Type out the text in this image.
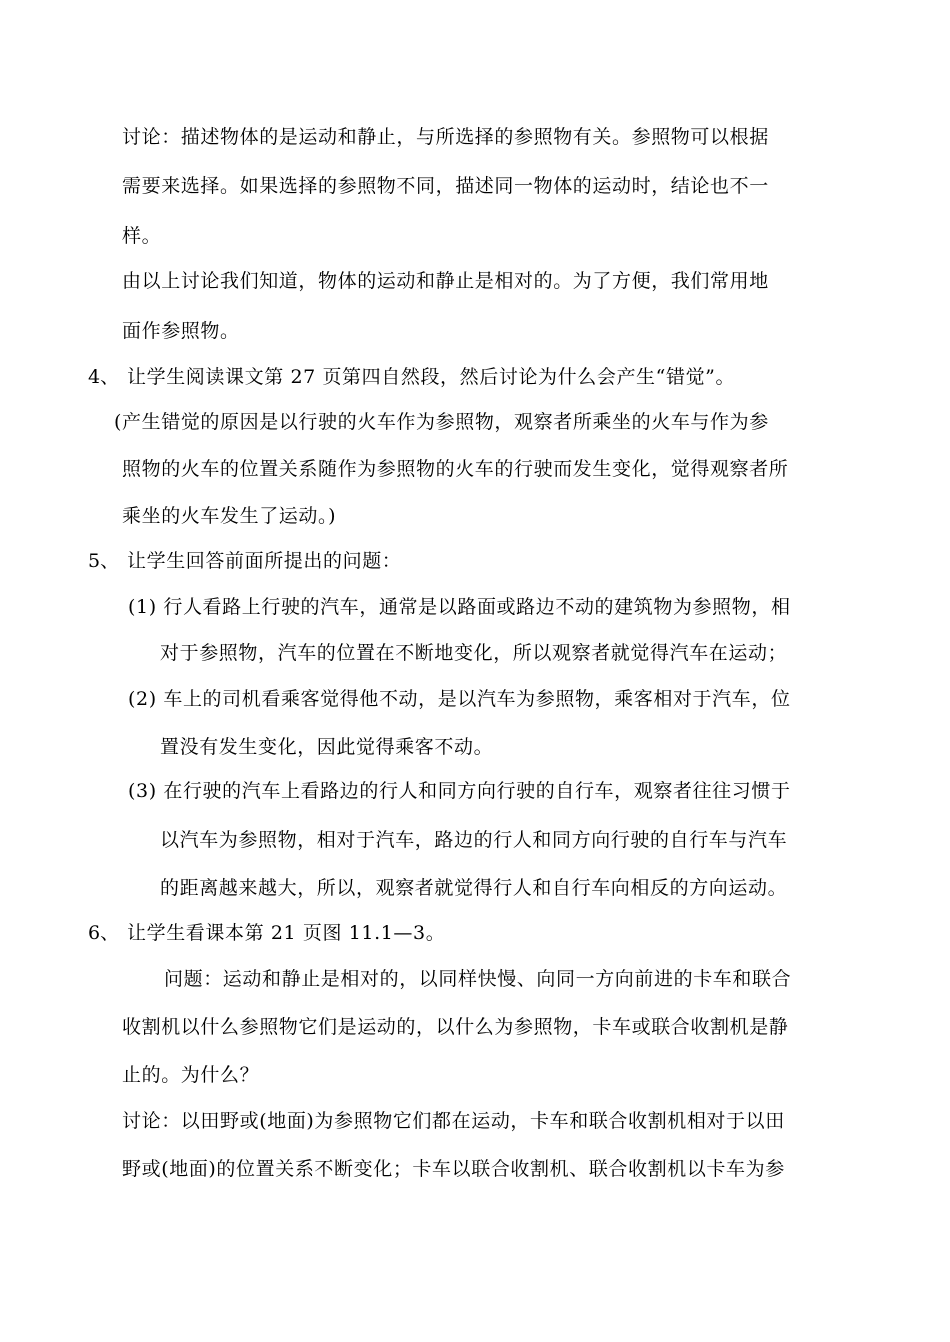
讨论：描述物体的是运动和静止，与所选择的参照物有关。参照物可以根据
需要来选择。如果选择的参照物不同，描述同一物体的运动时，结论也不一
样。
由以上讨论我们知道，物体的运动和静止是相对的。为了方便，我们常用地
面作参照物。
4、 让学生阅读课文第 27 页第四自然段，然后讨论为什么会产生“错觉”。
(产生错觉的原因是以行驶的火车作为参照物，观察者所乘坐的火车与作为参
照物的火车的位置关系随作为参照物的火车的行驶而发生变化，觉得观察者所
乘坐的火车发生了运动。)
5、 让学生回答前面所提出的问题：
(1) 行人看路上行驶的汽车，通常是以路面或路边不动的建筑物为参照物，相
对于参照物，汽车的位置在不断地变化，所以观察者就觉得汽车在运动；
(2) 车上的司机看乘客觉得他不动，是以汽车为参照物，乘客相对于汽车，位
置没有发生变化，因此觉得乘客不动。
(3) 在行驶的汽车上看路边的行人和同方向行驶的自行车，观察者往往习惯于
以汽车为参照物，相对于汽车，路边的行人和同方向行驶的自行车与汽车
的距离越来越大，所以，观察者就觉得行人和自行车向相反的方向运动。
6、 让学生看课本第 21 页图 11.1—3。
问题：运动和静止是相对的，以同样快慢、向同一方向前进的卡车和联合
收割机以什么参照物它们是运动的，以什么为参照物，卡车或联合收割机是静
止的。为什么？
讨论：以田野或(地面)为参照物它们都在运动，卡车和联合收割机相对于以田
野或(地面)的位置关系不断变化；卡车以联合收割机、联合收割机以卡车为参
